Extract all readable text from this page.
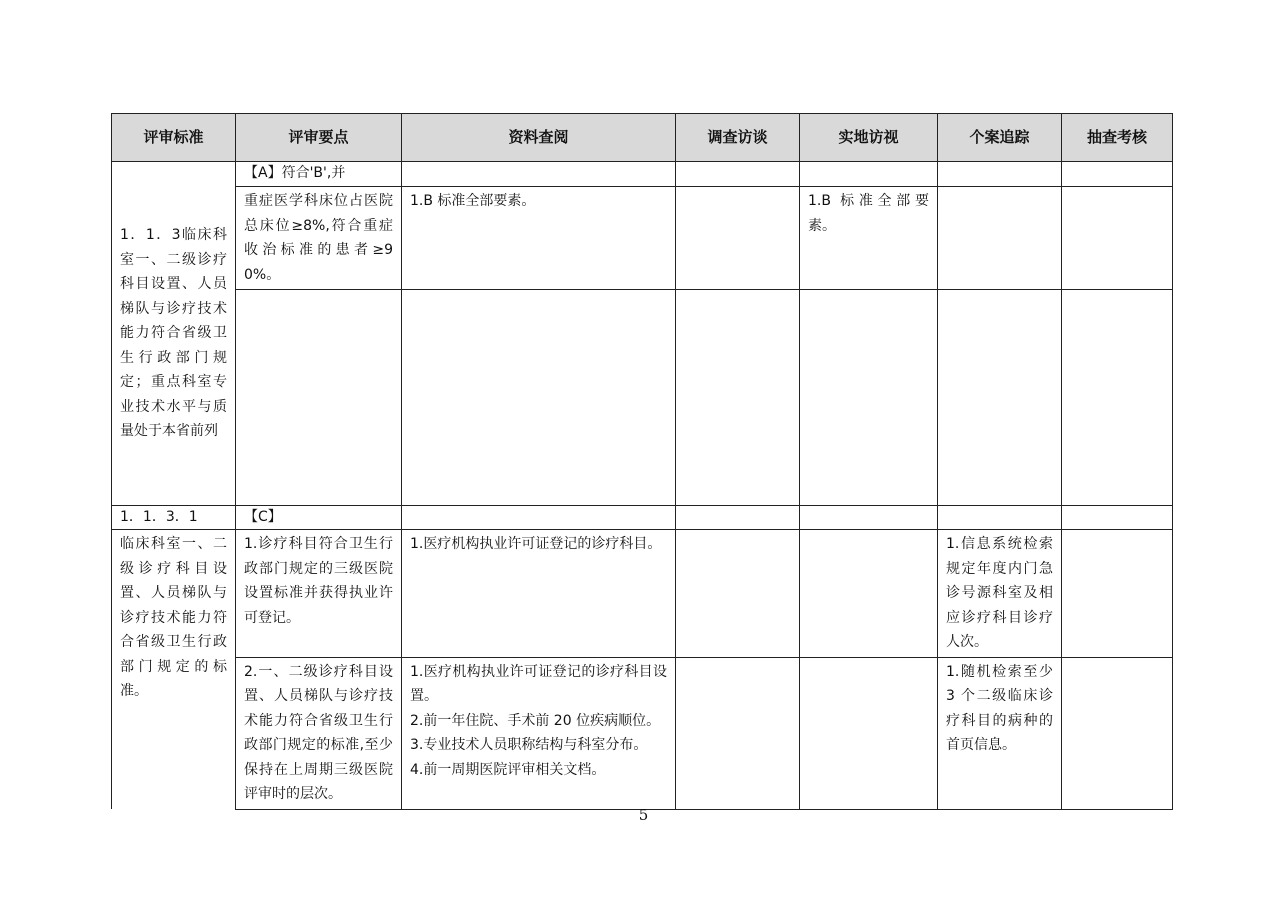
评审标准	评审要点	资料查阅	调查访谈	实地访视	个案追踪	抽查考核
1．1．3临床科室一、二级诊疗科目设置、人员梯队与诊疗技术能力符合省级卫生行政部门规定；重点科室专业技术水平与质量处于本省前列	【A】符合'B',并					
	重症医学科床位占医院总床位≥8%,符合重症收治标准的患者≥90%。	1.B 标准全部要素。		1.B 标准全部要素。		

1．1．3．1	【C】					
临床科室一、二级诊疗科目设置、人员梯队与诊疗技术能力符合省级卫生行政部门规定的标准。	1.诊疗科目符合卫生行政部门规定的三级医院设置标准并获得执业许可登记。	1.医疗机构执业许可证登记的诊疗科目。			1.信息系统检索规定年度内门急诊号源科室及相应诊疗科目诊疗人次。	
	2.一、二级诊疗科目设置、人员梯队与诊疗技术能力符合省级卫生行政部门规定的标准,至少保持在上周期三级医院评审时的层次。	1.医疗机构执业许可证登记的诊疗科目设置。
2.前一年住院、手术前 20 位疾病顺位。
3.专业技术人员职称结构与科室分布。
4.前一周期医院评审相关文档。			1.随机检索至少 3 个二级临床诊疗科目的病种的首页信息。	
5
